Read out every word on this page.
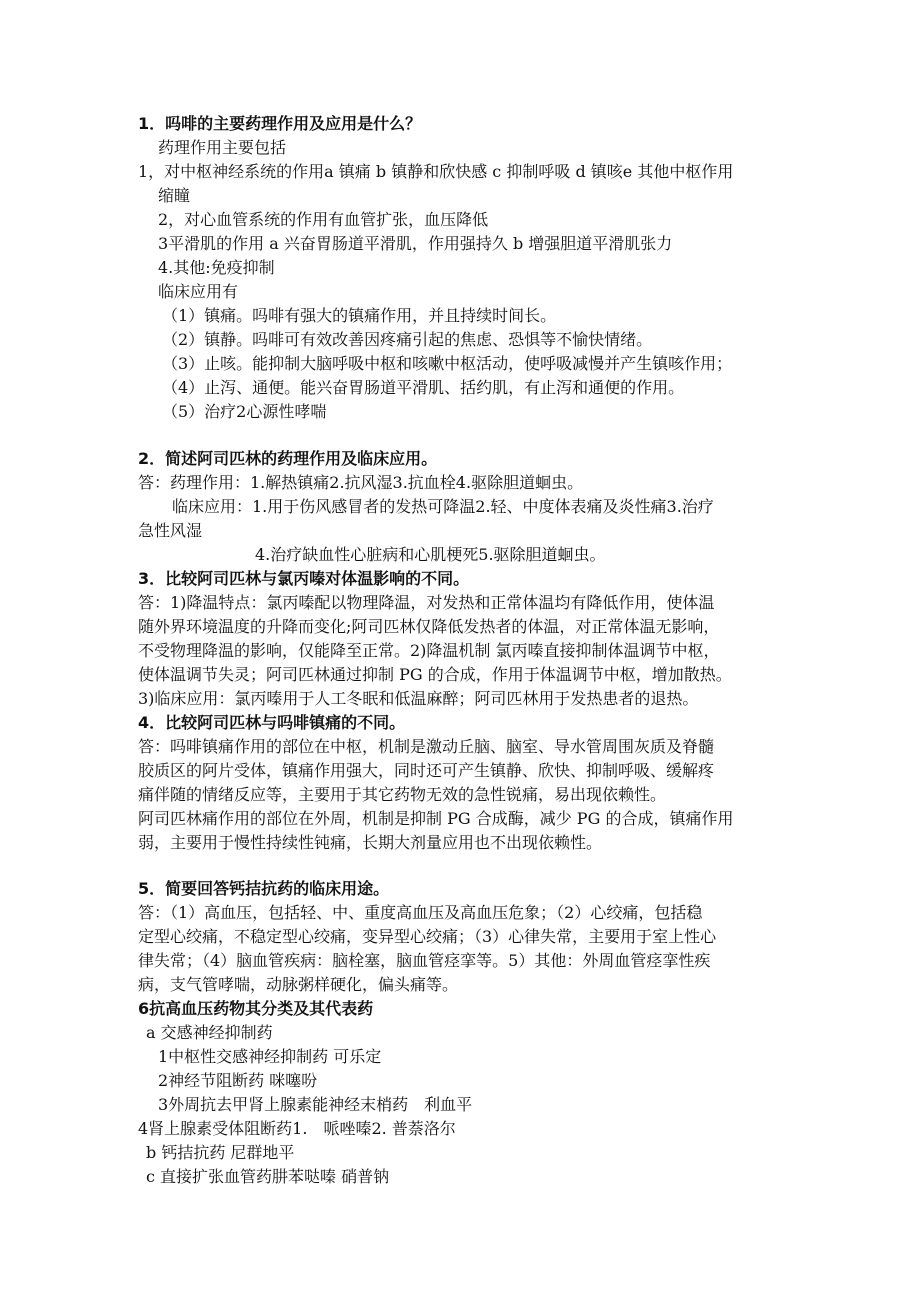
1．吗啡的主要药理作用及应用是什么？
药理作用主要包括
1，对中枢神经系统的作用a 镇痛 b 镇静和欣快感 c 抑制呼吸 d 镇咳e 其他中枢作用
缩瞳
2，对心血管系统的作用有血管扩张，血压降低
3平滑肌的作用 a 兴奋胃肠道平滑肌，作用强持久 b 增强胆道平滑肌张力
4.其他:免疫抑制
临床应用有
（1）镇痛。吗啡有强大的镇痛作用，并且持续时间长。
（2）镇静。吗啡可有效改善因疼痛引起的焦虑、恐惧等不愉快情绪。
（3）止咳。能抑制大脑呼吸中枢和咳嗽中枢活动，使呼吸减慢并产生镇咳作用；
（4）止泻、通便。能兴奋胃肠道平滑肌、括约肌，有止泻和通便的作用。
（5）治疗2心源性哮喘
2．简述阿司匹林的药理作用及临床应用。
答：药理作用：1.解热镇痛2.抗风湿3.抗血栓4.驱除胆道蛔虫。
临床应用：1.用于伤风感冒者的发热可降温2.轻、中度体表痛及炎性痛3.治疗
急性风湿
4.治疗缺血性心脏病和心肌梗死5.驱除胆道蛔虫。
3．比较阿司匹林与氯丙嗪对体温影响的不同。
答：1)降温特点：氯丙嗪配以物理降温，对发热和正常体温均有降低作用，使体温
随外界环境温度的升降而变化;阿司匹林仅降低发热者的体温，对正常体温无影响，
不受物理降温的影响，仅能降至正常。2)降温机制 氯丙嗪直接抑制体温调节中枢，
使体温调节失灵；阿司匹林通过抑制 PG 的合成，作用于体温调节中枢，增加散热。
3)临床应用：氯丙嗪用于人工冬眠和低温麻醉；阿司匹林用于发热患者的退热。
4．比较阿司匹林与吗啡镇痛的不同。
答：吗啡镇痛作用的部位在中枢，机制是激动丘脑、脑室、导水管周围灰质及脊髓
胶质区的阿片受体，镇痛作用强大，同时还可产生镇静、欣快、抑制呼吸、缓解疼
痛伴随的情绪反应等，主要用于其它药物无效的急性锐痛，易出现依赖性。
阿司匹林痛作用的部位在外周，机制是抑制 PG 合成酶，减少 PG 的合成，镇痛作用
弱，主要用于慢性持续性钝痛，长期大剂量应用也不出现依赖性。
5．简要回答钙拮抗药的临床用途。
答：（1）高血压，包括轻、中、重度高血压及高血压危象；（2）心绞痛，包括稳
定型心绞痛，不稳定型心绞痛，变异型心绞痛；（3）心律失常，主要用于室上性心
律失常；（4）脑血管疾病：脑栓塞，脑血管痉挛等。5）其他：外周血管痉挛性疾
病，支气管哮喘，动脉粥样硬化，偏头痛等。
6抗高血压药物其分类及其代表药
a 交感神经抑制药
1中枢性交感神经抑制药 可乐定
2神经节阻断药 咪噻吩
3外周抗去甲肾上腺素能神经末梢药　利血平
4肾上腺素受体阻断药1.　哌唑嗪2. 普萘洛尔
b 钙拮抗药 尼群地平
c 直接扩张血管药肼苯哒嗪 硝普钠
